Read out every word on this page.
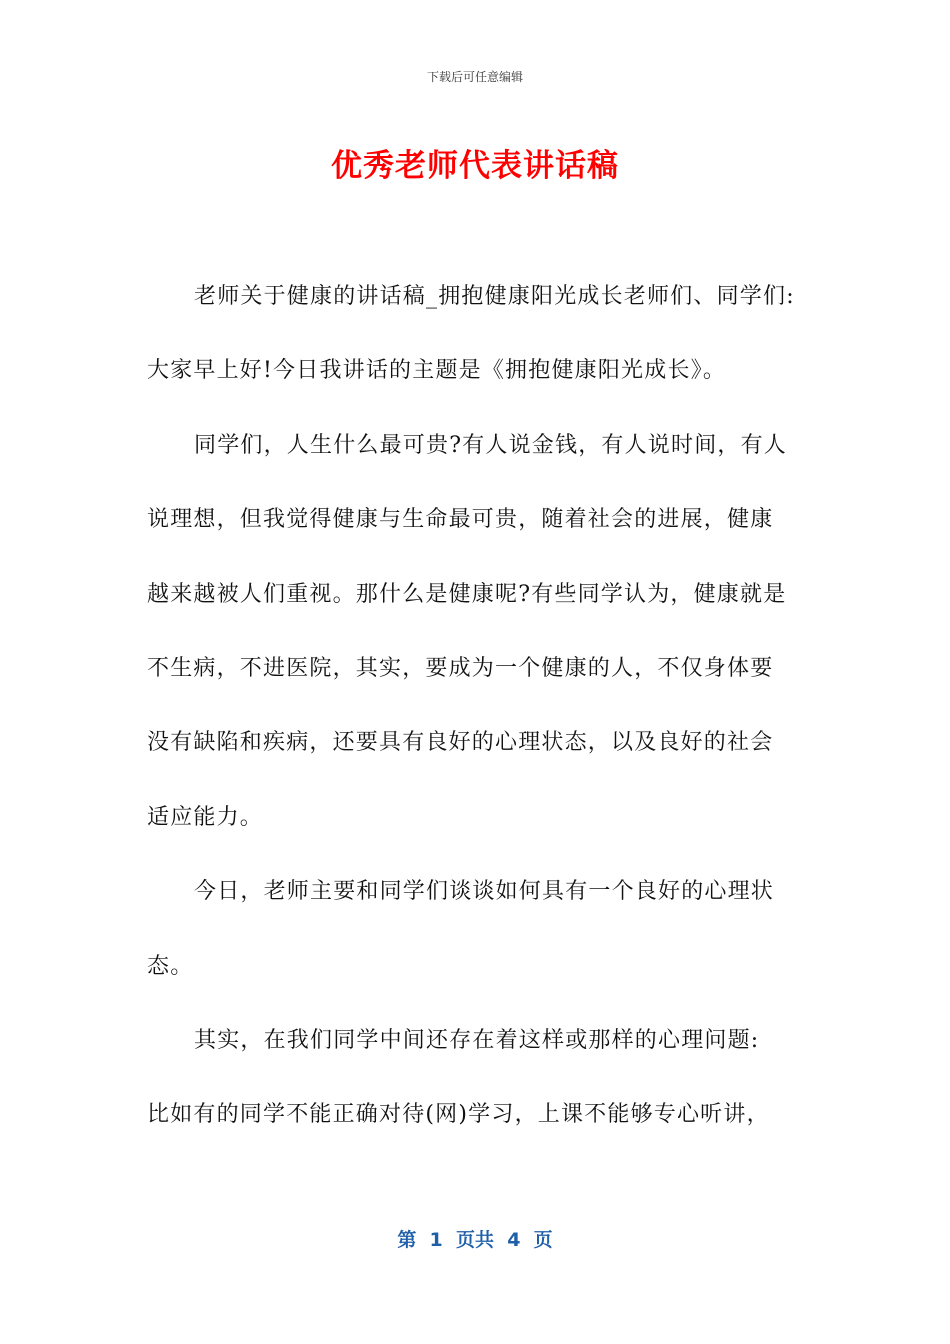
下载后可任意编辑
优秀老师代表讲话稿
老师关于健康的讲话稿_拥抱健康阳光成长老师们、同学们:
大家早上好!今日我讲话的主题是《拥抱健康阳光成长》。
同学们，人生什么最可贵?有人说金钱，有人说时间，有人
说理想，但我觉得健康与生命最可贵，随着社会的进展，健康
越来越被人们重视。那什么是健康呢?有些同学认为，健康就是
不生病，不进医院，其实，要成为一个健康的人，不仅身体要
没有缺陷和疾病，还要具有良好的心理状态，以及良好的社会
适应能力。
今日，老师主要和同学们谈谈如何具有一个良好的心理状
态。
其实，在我们同学中间还存在着这样或那样的心理问题:
比如有的同学不能正确对待(网)学习，上课不能够专心听讲，
第  1  页共  4  页
